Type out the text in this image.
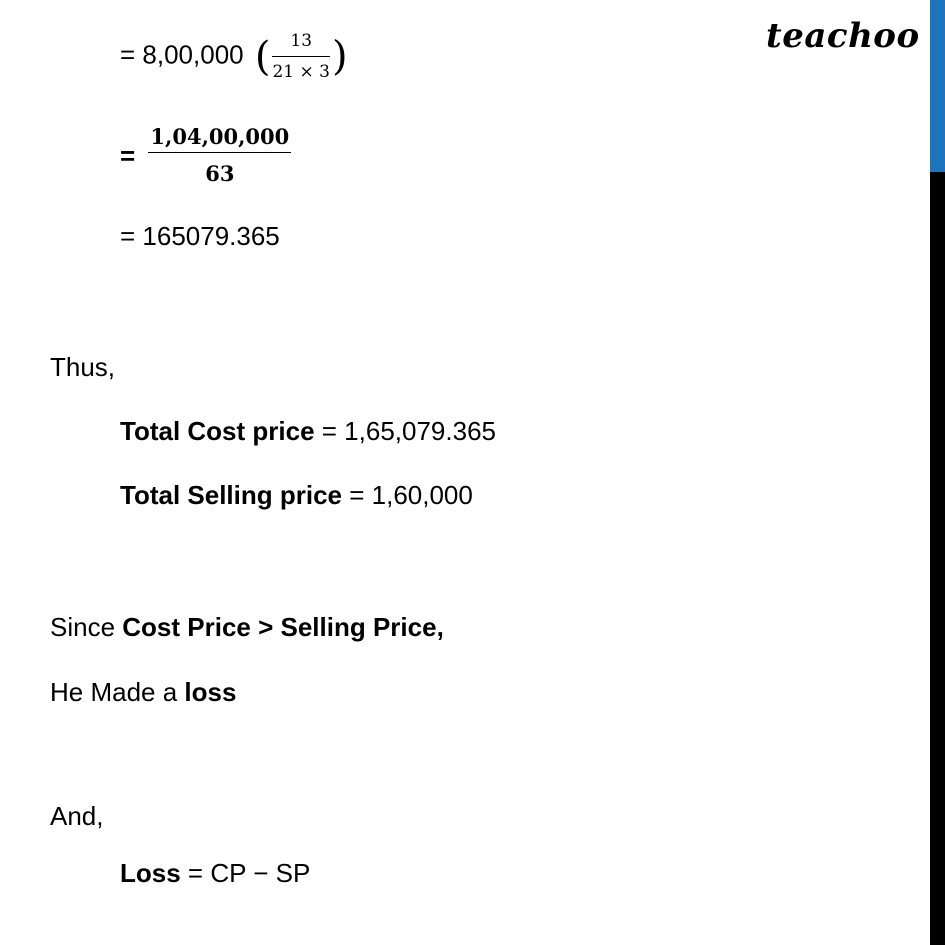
teachoo
= 8,00,000 ( $\frac{13}{21 \times 3}$ )
= $\frac{1,04,00,000}{63}$
= 165079.365
Thus,
Total Cost price = 1,65,079.365
Total Selling price = 1,60,000
Since Cost Price > Selling Price,
He Made a loss
And,
Loss = CP − SP
